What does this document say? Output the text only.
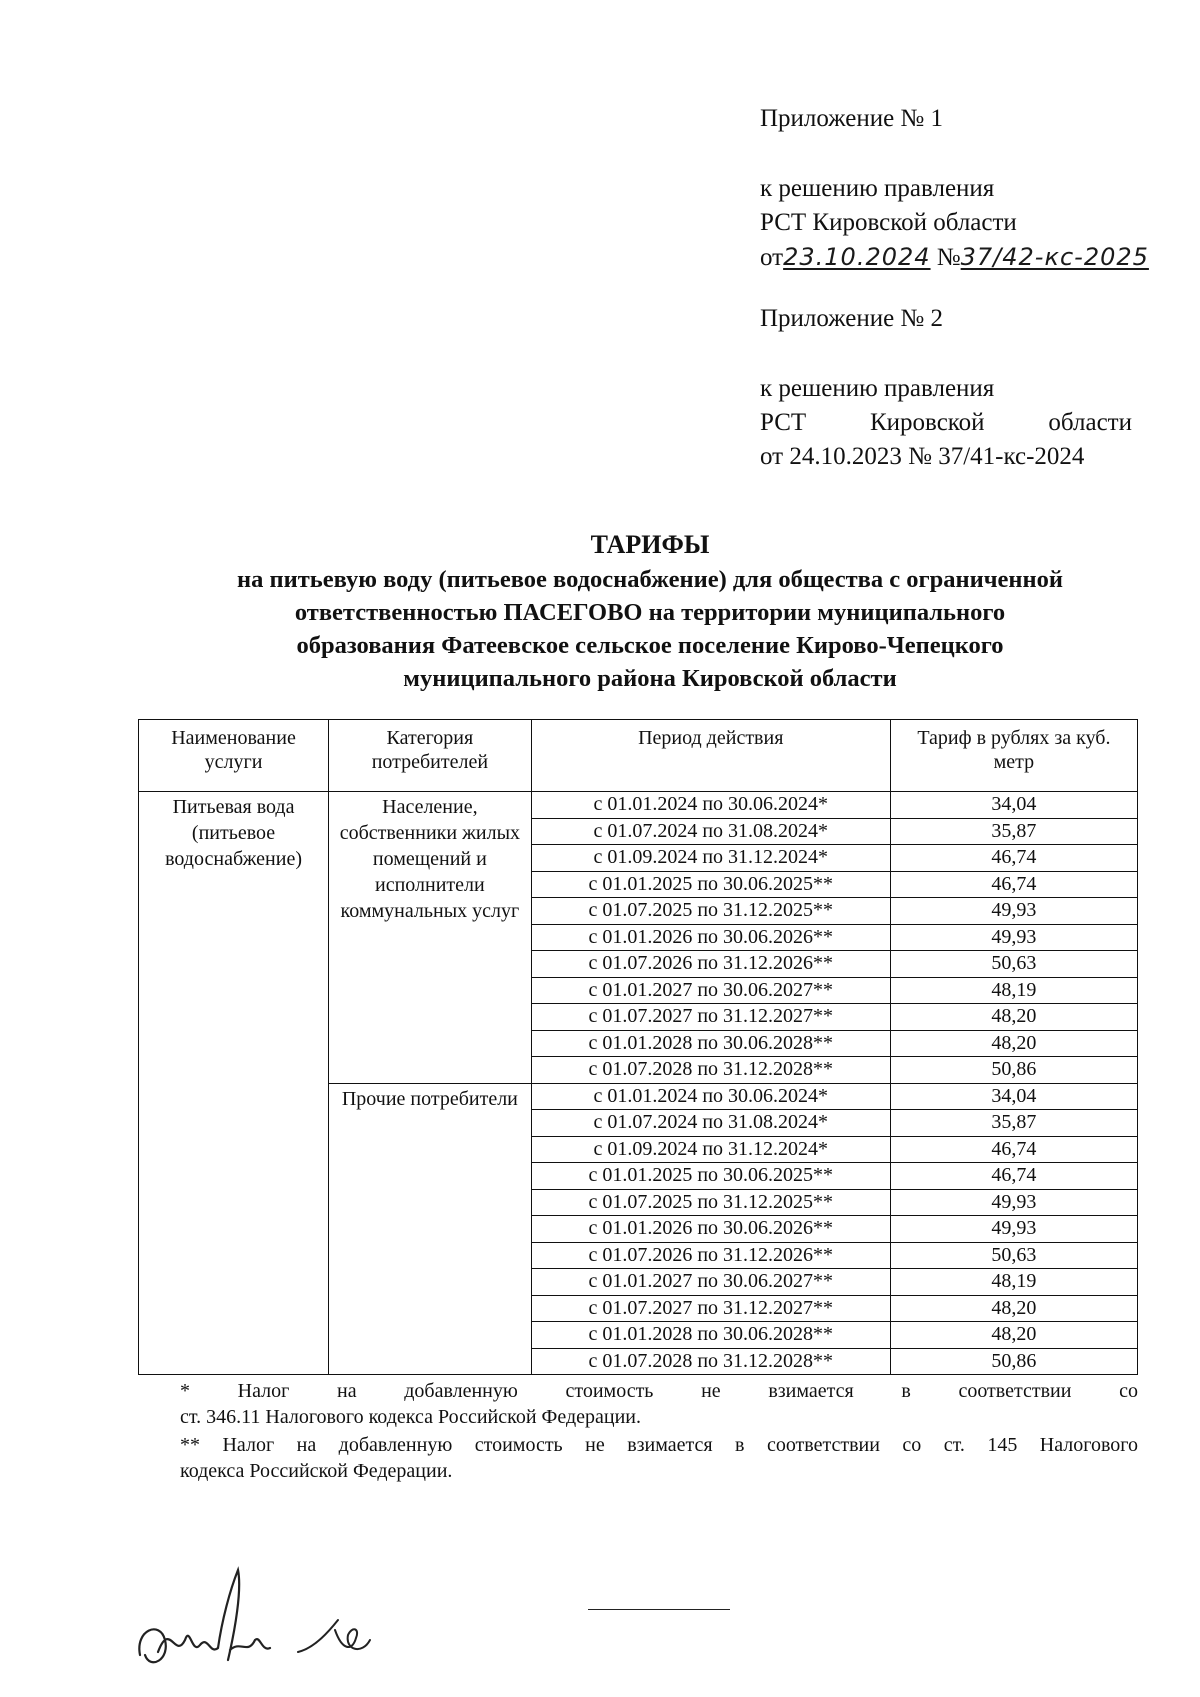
Приложение № 1
к решению правления
РСТ Кировской области
от23.10.2024 №37/42-кс-2025
Приложение № 2
к решению правления
РСТ	Кировской	области
от 24.10.2023 № 37/41-кс-2024
ТАРИФЫ
на питьевую воду (питьевое водоснабжение) для общества с ограниченной
ответственностью ПАСЕГОВО на территории муниципального
образования Фатеевское сельское поселение Кирово-Чепецкого
муниципального района Кировской области
Наименование услуги	Категория потребителей	Период действия	Тариф в рублях за куб. метр
Питьевая вода (питьевое водоснабжение)	Население, собственники жилых помещений и исполнители коммунальных услуг	с 01.01.2024 по 30.06.2024*	34,04
		с 01.07.2024 по 31.08.2024*	35,87
		с 01.09.2024 по 31.12.2024*	46,74
		с 01.01.2025 по 30.06.2025**	46,74
		с 01.07.2025 по 31.12.2025**	49,93
		с 01.01.2026 по 30.06.2026**	49,93
		с 01.07.2026 по 31.12.2026**	50,63
		с 01.01.2027 по 30.06.2027**	48,19
		с 01.07.2027 по 31.12.2027**	48,20
		с 01.01.2028 по 30.06.2028**	48,20
		с 01.07.2028 по 31.12.2028**	50,86
	Прочие потребители	с 01.01.2024 по 30.06.2024*	34,04
		с 01.07.2024 по 31.08.2024*	35,87
		с 01.09.2024 по 31.12.2024*	46,74
		с 01.01.2025 по 30.06.2025**	46,74
		с 01.07.2025 по 31.12.2025**	49,93
		с 01.01.2026 по 30.06.2026**	49,93
		с 01.07.2026 по 31.12.2026**	50,63
		с 01.01.2027 по 30.06.2027**	48,19
		с 01.07.2027 по 31.12.2027**	48,20
		с 01.01.2028 по 30.06.2028**	48,20
		с 01.07.2028 по 31.12.2028**	50,86
* Налог на добавленную стоимость не взимается в соответствии со
ст. 346.11 Налогового кодекса Российской Федерации.
** Налог на добавленную стоимость не взимается в соответствии со ст. 145 Налогового
кодекса Российской Федерации.
